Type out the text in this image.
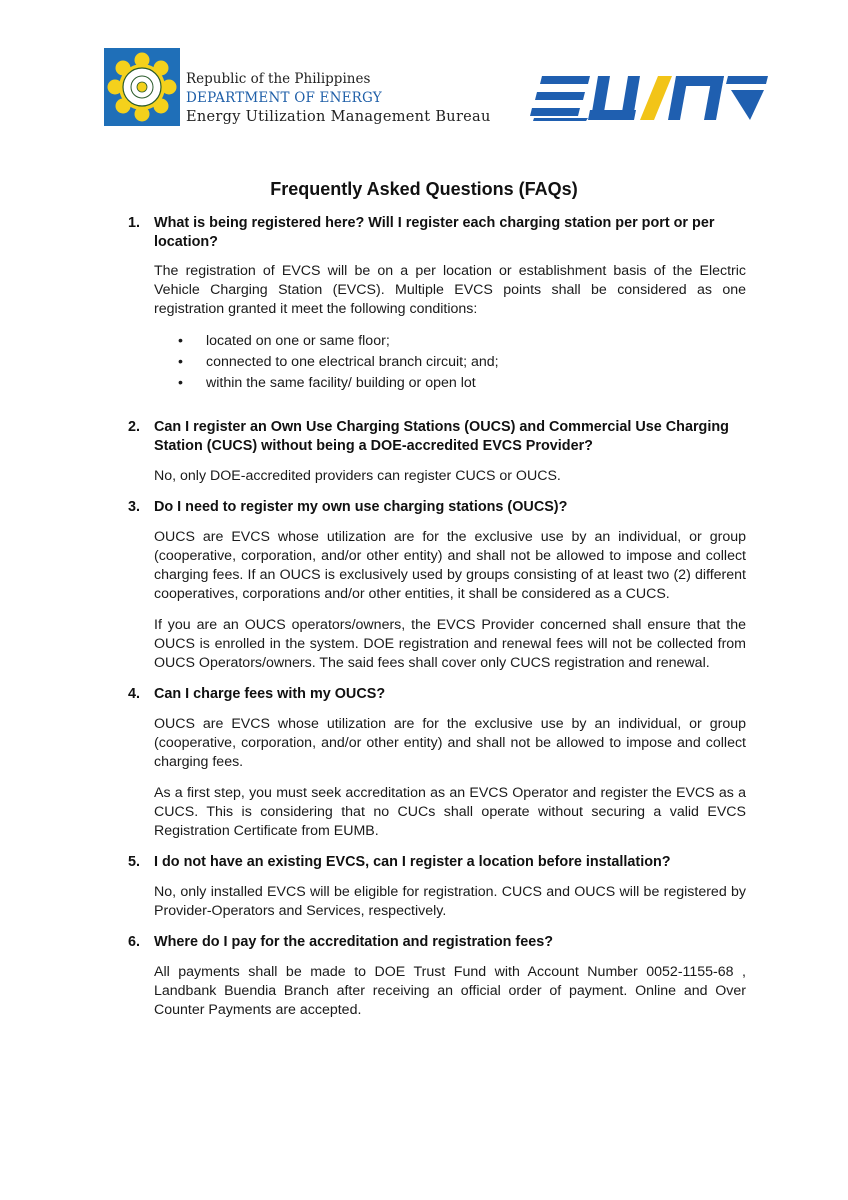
Republic of the Philippines
DEPARTMENT OF ENERGY
Energy Utilization Management Bureau
Frequently Asked Questions (FAQs)
1. What is being registered here? Will I register each charging station per port or per location?

The registration of EVCS will be on a per location or establishment basis of the Electric Vehicle Charging Station (EVCS). Multiple EVCS points shall be considered as one registration granted it meet the following conditions:

• located on one or same floor;
• connected to one electrical branch circuit; and;
• within the same facility/ building or open lot
2. Can I register an Own Use Charging Stations (OUCS) and Commercial Use Charging Station (CUCS) without being a DOE-accredited EVCS Provider?

No, only DOE-accredited providers can register CUCS or OUCS.

3. Do I need to register my own use charging stations (OUCS)?

OUCS are EVCS whose utilization are for the exclusive use by an individual, or group (cooperative, corporation, and/or other entity) and shall not be allowed to impose and collect charging fees. If an OUCS is exclusively used by groups consisting of at least two (2) different cooperatives, corporations and/or other entities, it shall be considered as a CUCS.

If you are an OUCS operators/owners, the EVCS Provider concerned shall ensure that the OUCS is enrolled in the system. DOE registration and renewal fees will not be collected from OUCS Operators/owners. The said fees shall cover only CUCS registration and renewal.

4. Can I charge fees with my OUCS?

OUCS are EVCS whose utilization are for the exclusive use by an individual, or group (cooperative, corporation, and/or other entity) and shall not be allowed to impose and collect charging fees.

As a first step, you must seek accreditation as an EVCS Operator and register the EVCS as a CUCS. This is considering that no CUCs shall operate without securing a valid EVCS Registration Certificate from EUMB.

5. I do not have an existing EVCS, can I register a location before installation?

No, only installed EVCS will be eligible for registration. CUCS and OUCS will be registered by Provider-Operators and Services, respectively.

6. Where do I pay for the accreditation and registration fees?

All payments shall be made to DOE Trust Fund with Account Number 0052-1155-68 , Landbank Buendia Branch after receiving an official order of payment. Online and Over Counter Payments are accepted.
